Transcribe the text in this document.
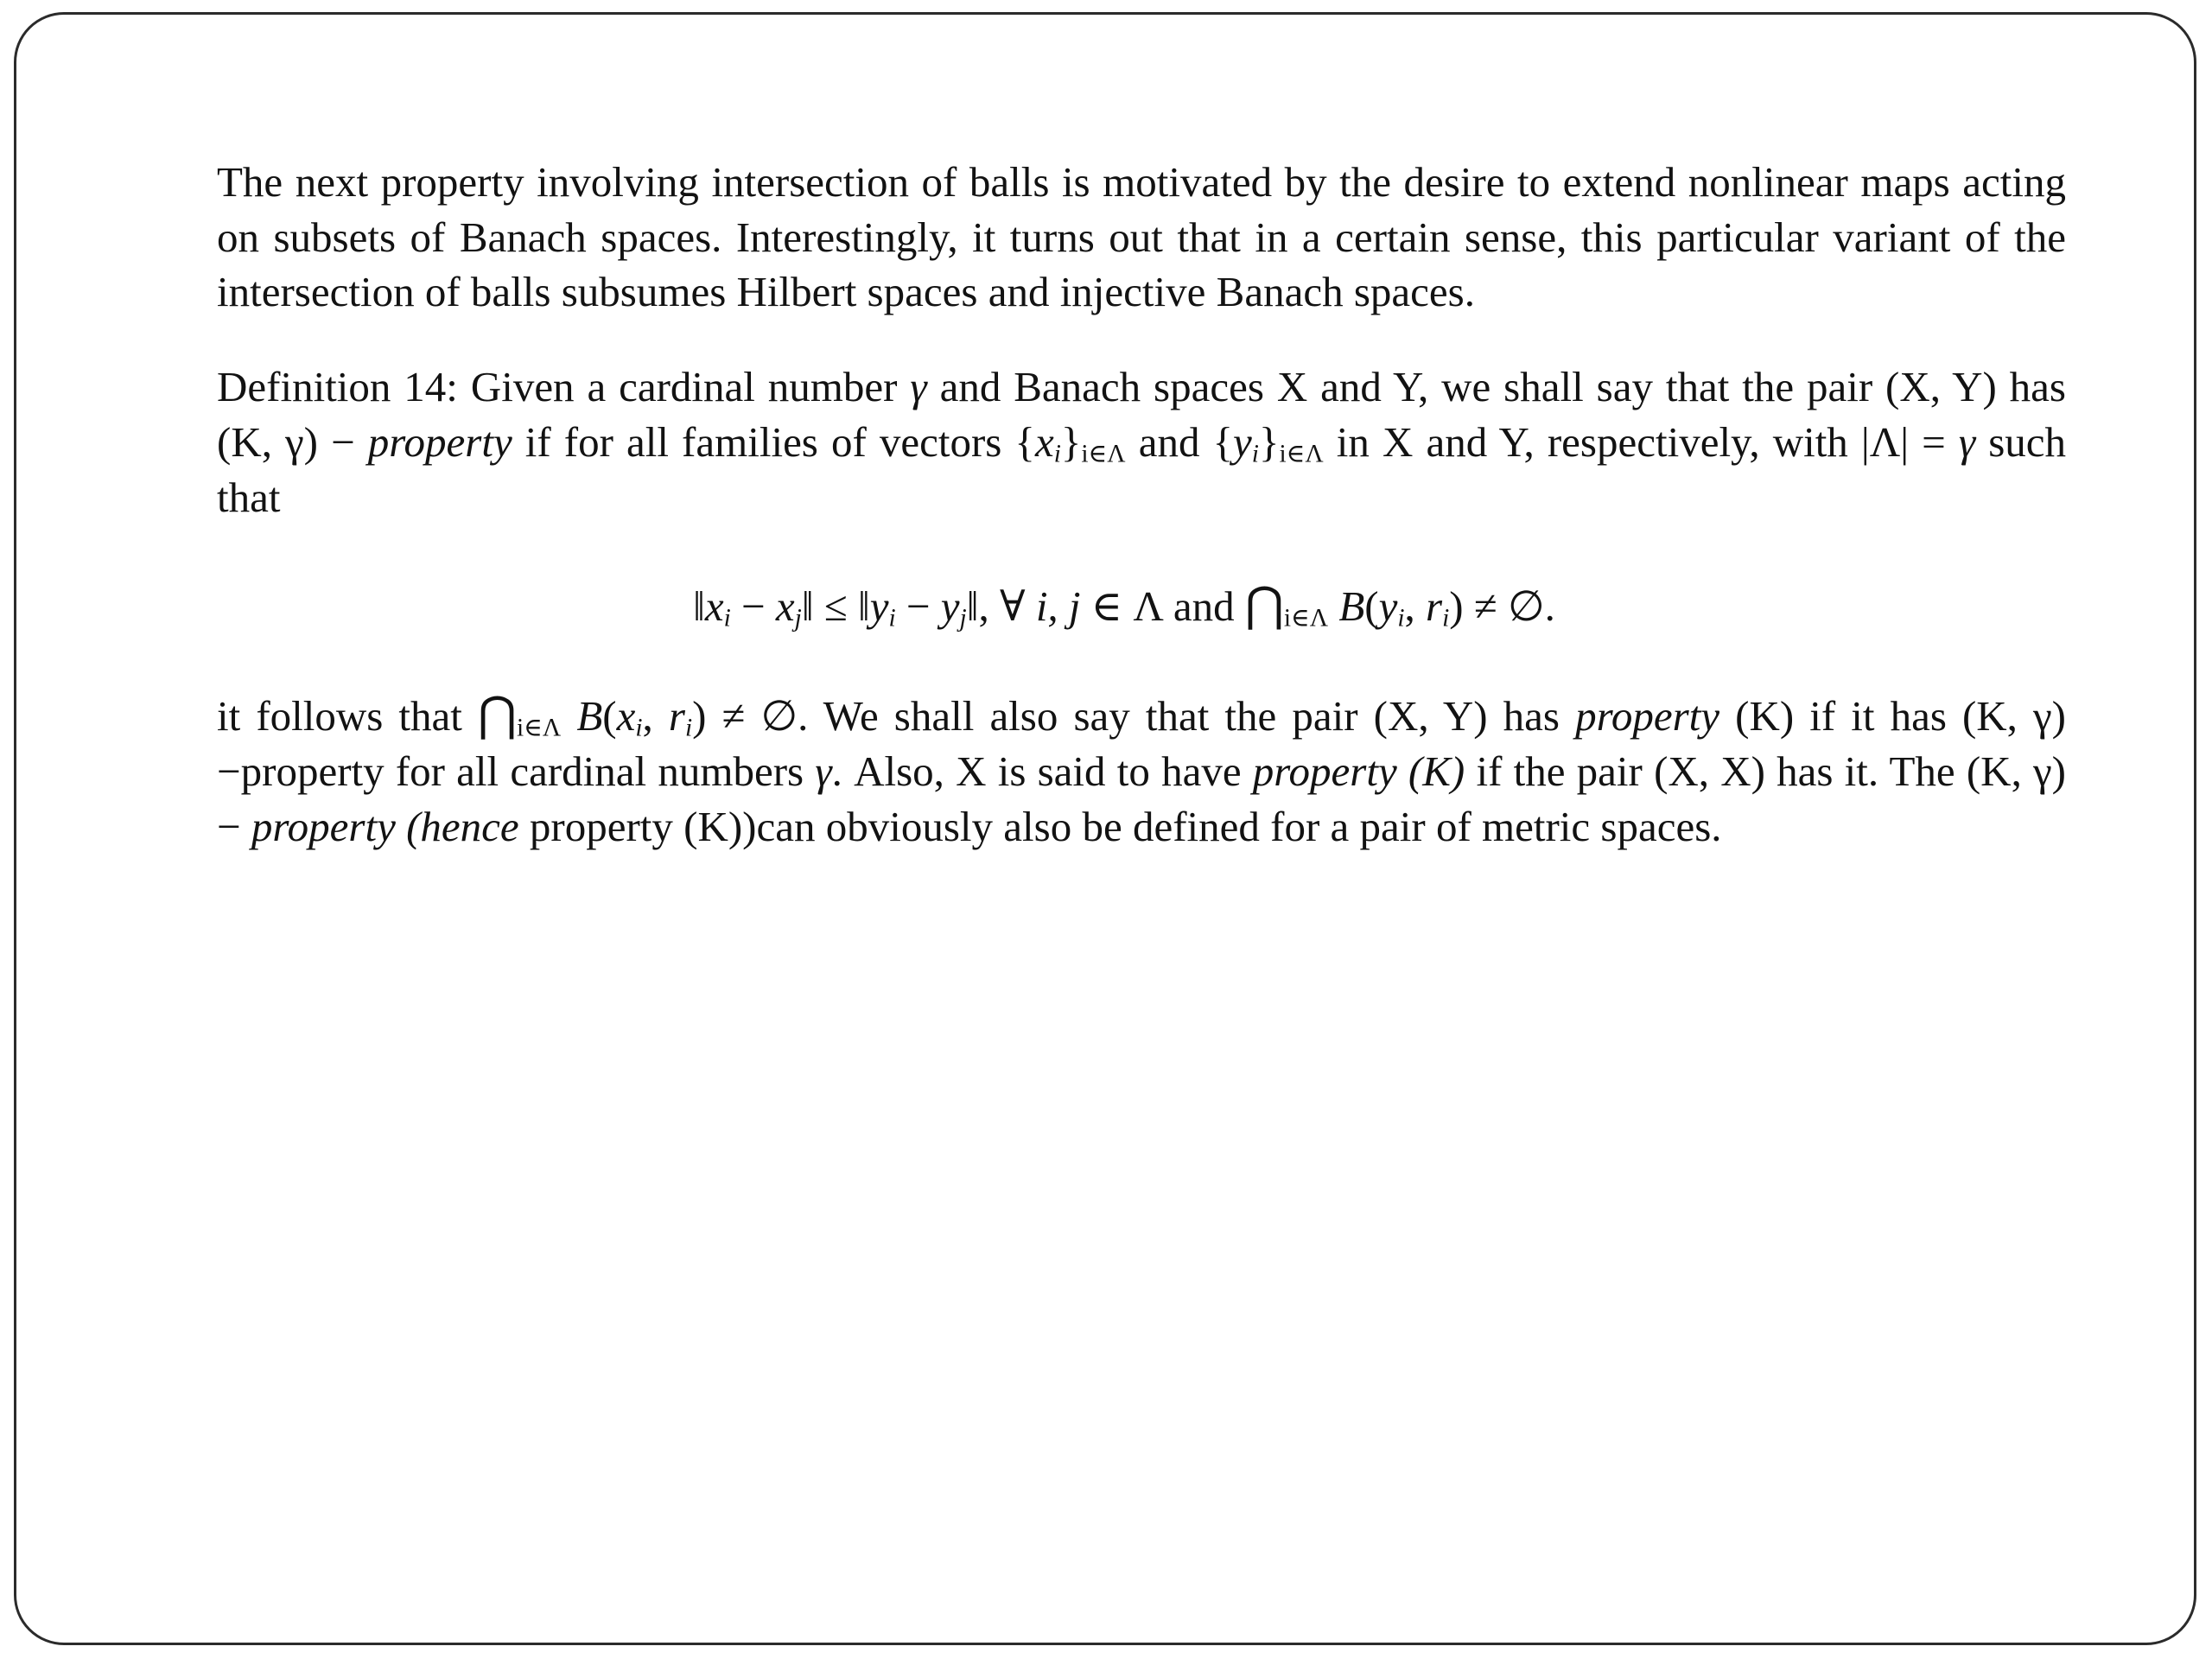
The next property involving intersection of balls is motivated by the desire to extend nonlinear maps acting on subsets of Banach spaces. Interestingly, it turns out that in a certain sense, this particular variant of the intersection of balls subsumes Hilbert spaces and injective Banach spaces.

Definition 14: Given a cardinal number γ and Banach spaces X and Y, we shall say that the pair (X, Y) has (K, γ) − property if for all families of vectors $\{x_i\}_{i\in\Lambda}$ and $\{y_i\}_{i\in\Lambda}$ in X and Y, respectively, with |Λ| = γ such that

$‖x_i$ − $x_j‖$ ≤ $‖y_i$ − $y_j‖$, ∀ i, j ∈ Λ and $⋂_{i\in\Lambda}$ $B(y_i$, $r_i$) ≠ ∅.

it follows that $⋂_{i\in\Lambda}$ $B(x_i$, $r_i$) ≠ ∅. We shall also say that the pair (X, Y) has property (K) if it has (K, γ) −property for all cardinal numbers γ. Also, X is said to have property (K) if the pair (X, X) has it. The (K, γ) − property (hence property (K))can obviously also be defined for a pair of metric spaces.
